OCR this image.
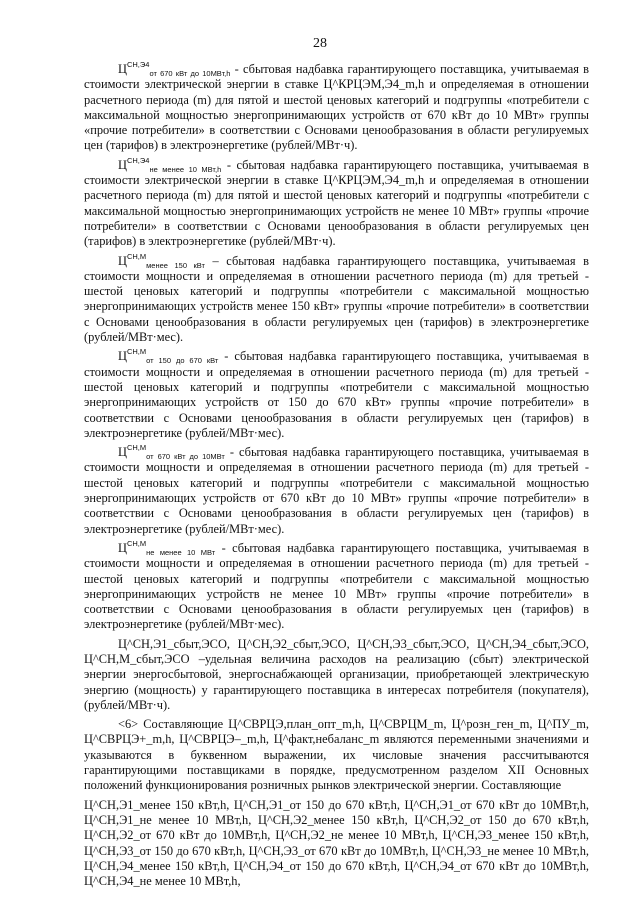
28

$Ц^{СН,Э4}_{от 670 кВт до 10МВт,h}$ - сбытовая надбавка гарантирующего поставщика, учитываемая в стоимости электрической энергии в ставке Ц^КРЦЭМ,Э4_m,h и определяемая в отношении расчетного периода (m) для пятой и шестой ценовых категорий и подгруппы «потребители с максимальной мощностью энергопринимающих устройств от 670 кВт до 10 МВт» группы «прочие потребители» в соответствии с Основами ценообразования в области регулируемых цен (тарифов) в электроэнергетике (рублей/МВт·ч).

$Ц^{СН,Э4}_{не менее 10 МВт,h}$ - сбытовая надбавка гарантирующего поставщика, учитываемая в стоимости электрической энергии в ставке Ц^КРЦЭМ,Э4_m,h и определяемая в отношении расчетного периода (m) для пятой и шестой ценовых категорий и подгруппы «потребители с максимальной мощностью энергопринимающих устройств не менее 10 МВт» группы «прочие потребители» в соответствии с Основами ценообразования в области регулируемых цен (тарифов) в электроэнергетике (рублей/МВт·ч).

$Ц^{СН,М}_{менее 150 кВт}$ – сбытовая надбавка гарантирующего поставщика, учитываемая в стоимости мощности и определяемая в отношении расчетного периода (m) для третьей - шестой ценовых категорий и подгруппы «потребители с максимальной мощностью энергопринимающих устройств менее 150 кВт» группы «прочие потребители» в соответствии с Основами ценообразования в области регулируемых цен (тарифов) в электроэнергетике (рублей/МВт·мес).

$Ц^{СН,М}_{от 150 до 670 кВт}$ - сбытовая надбавка гарантирующего поставщика, учитываемая в стоимости мощности и определяемая в отношении расчетного периода (m) для третьей - шестой ценовых категорий и подгруппы «потребители с максимальной мощностью энергопринимающих устройств от 150 до 670 кВт» группы «прочие потребители» в соответствии с Основами ценообразования в области регулируемых цен (тарифов) в электроэнергетике (рублей/МВт·мес).

$Ц^{СН,М}_{от 670 кВт до 10МВт}$ - сбытовая надбавка гарантирующего поставщика, учитываемая в стоимости мощности и определяемая в отношении расчетного периода (m) для третьей - шестой ценовых категорий и подгруппы «потребители с максимальной мощностью энергопринимающих устройств от 670 кВт до 10 МВт» группы «прочие потребители» в соответствии с Основами ценообразования в области регулируемых цен (тарифов) в электроэнергетике (рублей/МВт·мес).

$Ц^{СН,М}_{не менее 10 МВт}$ - сбытовая надбавка гарантирующего поставщика, учитываемая в стоимости мощности и определяемая в отношении расчетного периода (m) для третьей - шестой ценовых категорий и подгруппы «потребители с максимальной мощностью энергопринимающих устройств не менее 10 МВт» группы «прочие потребители» в соответствии с Основами ценообразования в области регулируемых цен (тарифов) в электроэнергетике (рублей/МВт·мес).

Ц^СН,Э1_сбыт,ЭСО, Ц^СН,Э2_сбыт,ЭСО, Ц^СН,Э3_сбыт,ЭСО, Ц^СН,Э4_сбыт,ЭСО, Ц^СН,М_сбыт,ЭСО –удельная величина расходов на реализацию (сбыт) электрической энергии энергосбытовой, энергоснабжающей организации, приобретающей электрическую энергию (мощность) у гарантирующего поставщика в интересах потребителя (покупателя), (рублей/МВт·ч).

<6> Составляющие Ц^СВРЦЭ,план_опт_m,h, Ц^СВРЦМ_m, Ц^розн_ген_m, Ц^ПУ_m, Ц^СВРЦЭ+_m,h, Ц^СВРЦЭ–_m,h, Ц^факт,небаланс_m являются переменными значениями и указываются в буквенном выражении, их числовые значения рассчитываются гарантирующими поставщиками в порядке, предусмотренном разделом XII Основных положений функционирования розничных рынков электрической энергии. Составляющие

Ц^СН,Э1_менее 150 кВт,h, Ц^СН,Э1_от 150 до 670 кВт,h, Ц^СН,Э1_от 670 кВт до 10МВт,h, Ц^СН,Э1_не менее 10 МВт,h, Ц^СН,Э2_менее 150 кВт,h, Ц^СН,Э2_от 150 до 670 кВт,h, Ц^СН,Э2_от 670 кВт до 10МВт,h, Ц^СН,Э2_не менее 10 МВт,h, Ц^СН,Э3_менее 150 кВт,h, Ц^СН,Э3_от 150 до 670 кВт,h, Ц^СН,Э3_от 670 кВт до 10МВт,h, Ц^СН,Э3_не менее 10 МВт,h, Ц^СН,Э4_менее 150 кВт,h, Ц^СН,Э4_от 150 до 670 кВт,h, Ц^СН,Э4_от 670 кВт до 10МВт,h, Ц^СН,Э4_не менее 10 МВт,h,
